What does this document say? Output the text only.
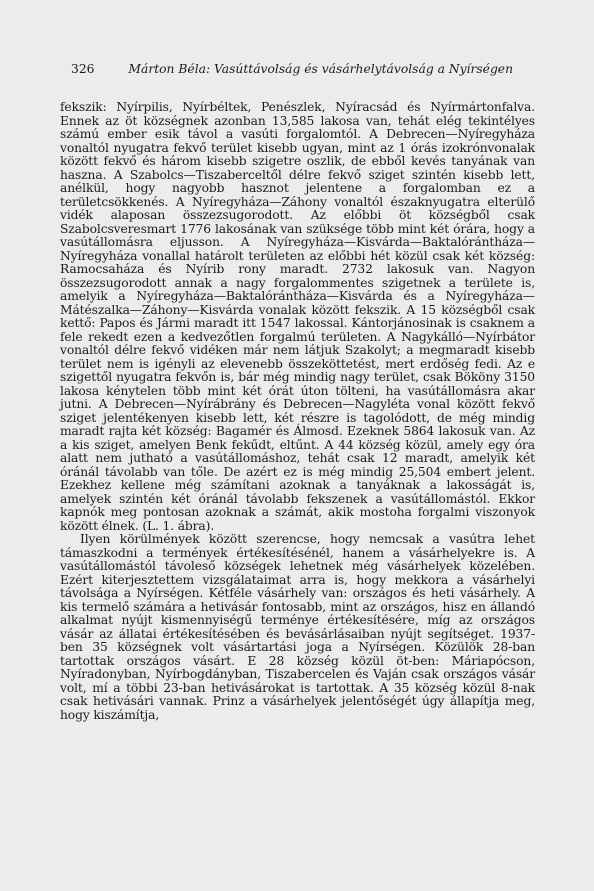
326	Márton Béla: Vasúttávolság és vásárhelytávolság a Nyírségen

fekszik: Nyírpilis, Nyírbéltek, Penészlek, Nyíracsád és Nyírmártonfalva. Ennek az öt községnek azonban 13,585 lakosa van, tehát elég tekintélyes számú ember esik távol a vasúti forgalomtól. A Debrecen—Nyíregyháza vonaltól nyugatra fekvő terület kisebb ugyan, mint az 1 órás izokrónvonalak között fekvő és három kisebb szigetre oszlik, de ebből kevés tanyának van haszna. A Szabolcs—Tiszaberceltől délre fekvő sziget szintén kisebb lett, anélkül, hogy nagyobb hasznot jelentene a forgalomban ez a területcsökkenés. A Nyíregyháza—Záhony vonaltól északnyugatra elterülő vidék alaposan összezsugorodott. Az előbbi öt községből csak Szabolcsveresmart 1776 lakosának van szüksége több mint két órára, hogy a vasútállomásra eljusson. A Nyíregyháza—Kisvárda—Baktalórántháza—Nyíregyháza vonallal határolt területen az előbbi hét közül csak két község: Ramocsaháza és Nyírib rony maradt. 2732 lakosuk van. Nagyon összezsugorodott annak a nagy forgalommentes szigetnek a területe is, amelyik a Nyíregyháza—Baktalórántháza—Kisvárda és a Nyíregyháza—Mátészalka—Záhony—Kisvárda vonalak között fekszik. A 15 községből csak kettő: Papos és Jármi maradt itt 1547 lakossal. Kántorjánosinak is csaknem a fele rekedt ezen a kedvezőtlen forgalmú területen. A Nagykálló—Nyírbátor vonaltól délre fekvő vidéken már nem látjuk Szakolyt; a megmaradt kisebb terület nem is igényli az elevenebb összeköttetést, mert erdőség fedi. Az e szigettől nyugatra fekvőn is, bár még mindig nagy terület, csak Bököny 3150 lakosa kénytelen több mint két órát úton tölteni, ha vasútállomásra akar jutni. A Debrecen—Nyírábrány és Debrecen—Nagyléta vonal között fekvő sziget jelentékenyen kisebb lett, két részre is tagolódott, de még mindig maradt rajta két község: Bagamér és Álmosd. Ezeknek 5864 lakosuk van. Az a kis sziget, amelyen Benk fekűdt, eltűnt. A 44 község közül, amely egy óra alatt nem jutható a vasútállomáshoz, tehát csak 12 maradt, amelyik két óránál távolabb van tőle. De azért ez is még mindig 25,504 embert jelent. Ezekhez kellene még számítani azoknak a tanyáknak a lakosságát is, amelyek szintén két óránál távolabb fekszenek a vasútállomástól. Ekkor kapnók meg pontosan azoknak a számát, akik mostoha forgalmi viszonyok között élnek. (L. 1. ábra).

Ilyen körülmények között szerencse, hogy nemcsak a vasútra lehet támaszkodni a termények értékesítésénél, hanem a vásárhelyekre is. A vasútállomástól távoleső községek lehetnek még vásárhelyek közelében. Ezért kiterjesztettem vizsgálataimat arra is, hogy mekkora a vásárhelyi távolsága a Nyírségen. Kétféle vásárhely van: országos és heti vásárhely. A kis termelő számára a hetivásár fontosabb, mint az országos, hisz en állandó alkalmat nyújt kismennyiségű terménye értékesítésére, míg az országos vásár az állatai értékesítésében és bevásárlásaiban nyújt segítséget. 1937-ben 35 községnek volt vásártartási joga a Nyírségen. Közülök 28-ban tartottak országos vásárt. E 28 község közül öt-ben: Máriapócson, Nyíradonyban, Nyírbogdányban, Tiszabercelen és Vaján csak országos vásár volt, mí a többi 23-ban hetivásárokat is tartottak. A 35 község közül 8-nak csak hetivásári vannak. Prinz a vásárhelyek jelentőségét úgy állapítja meg, hogy kiszámítja,
